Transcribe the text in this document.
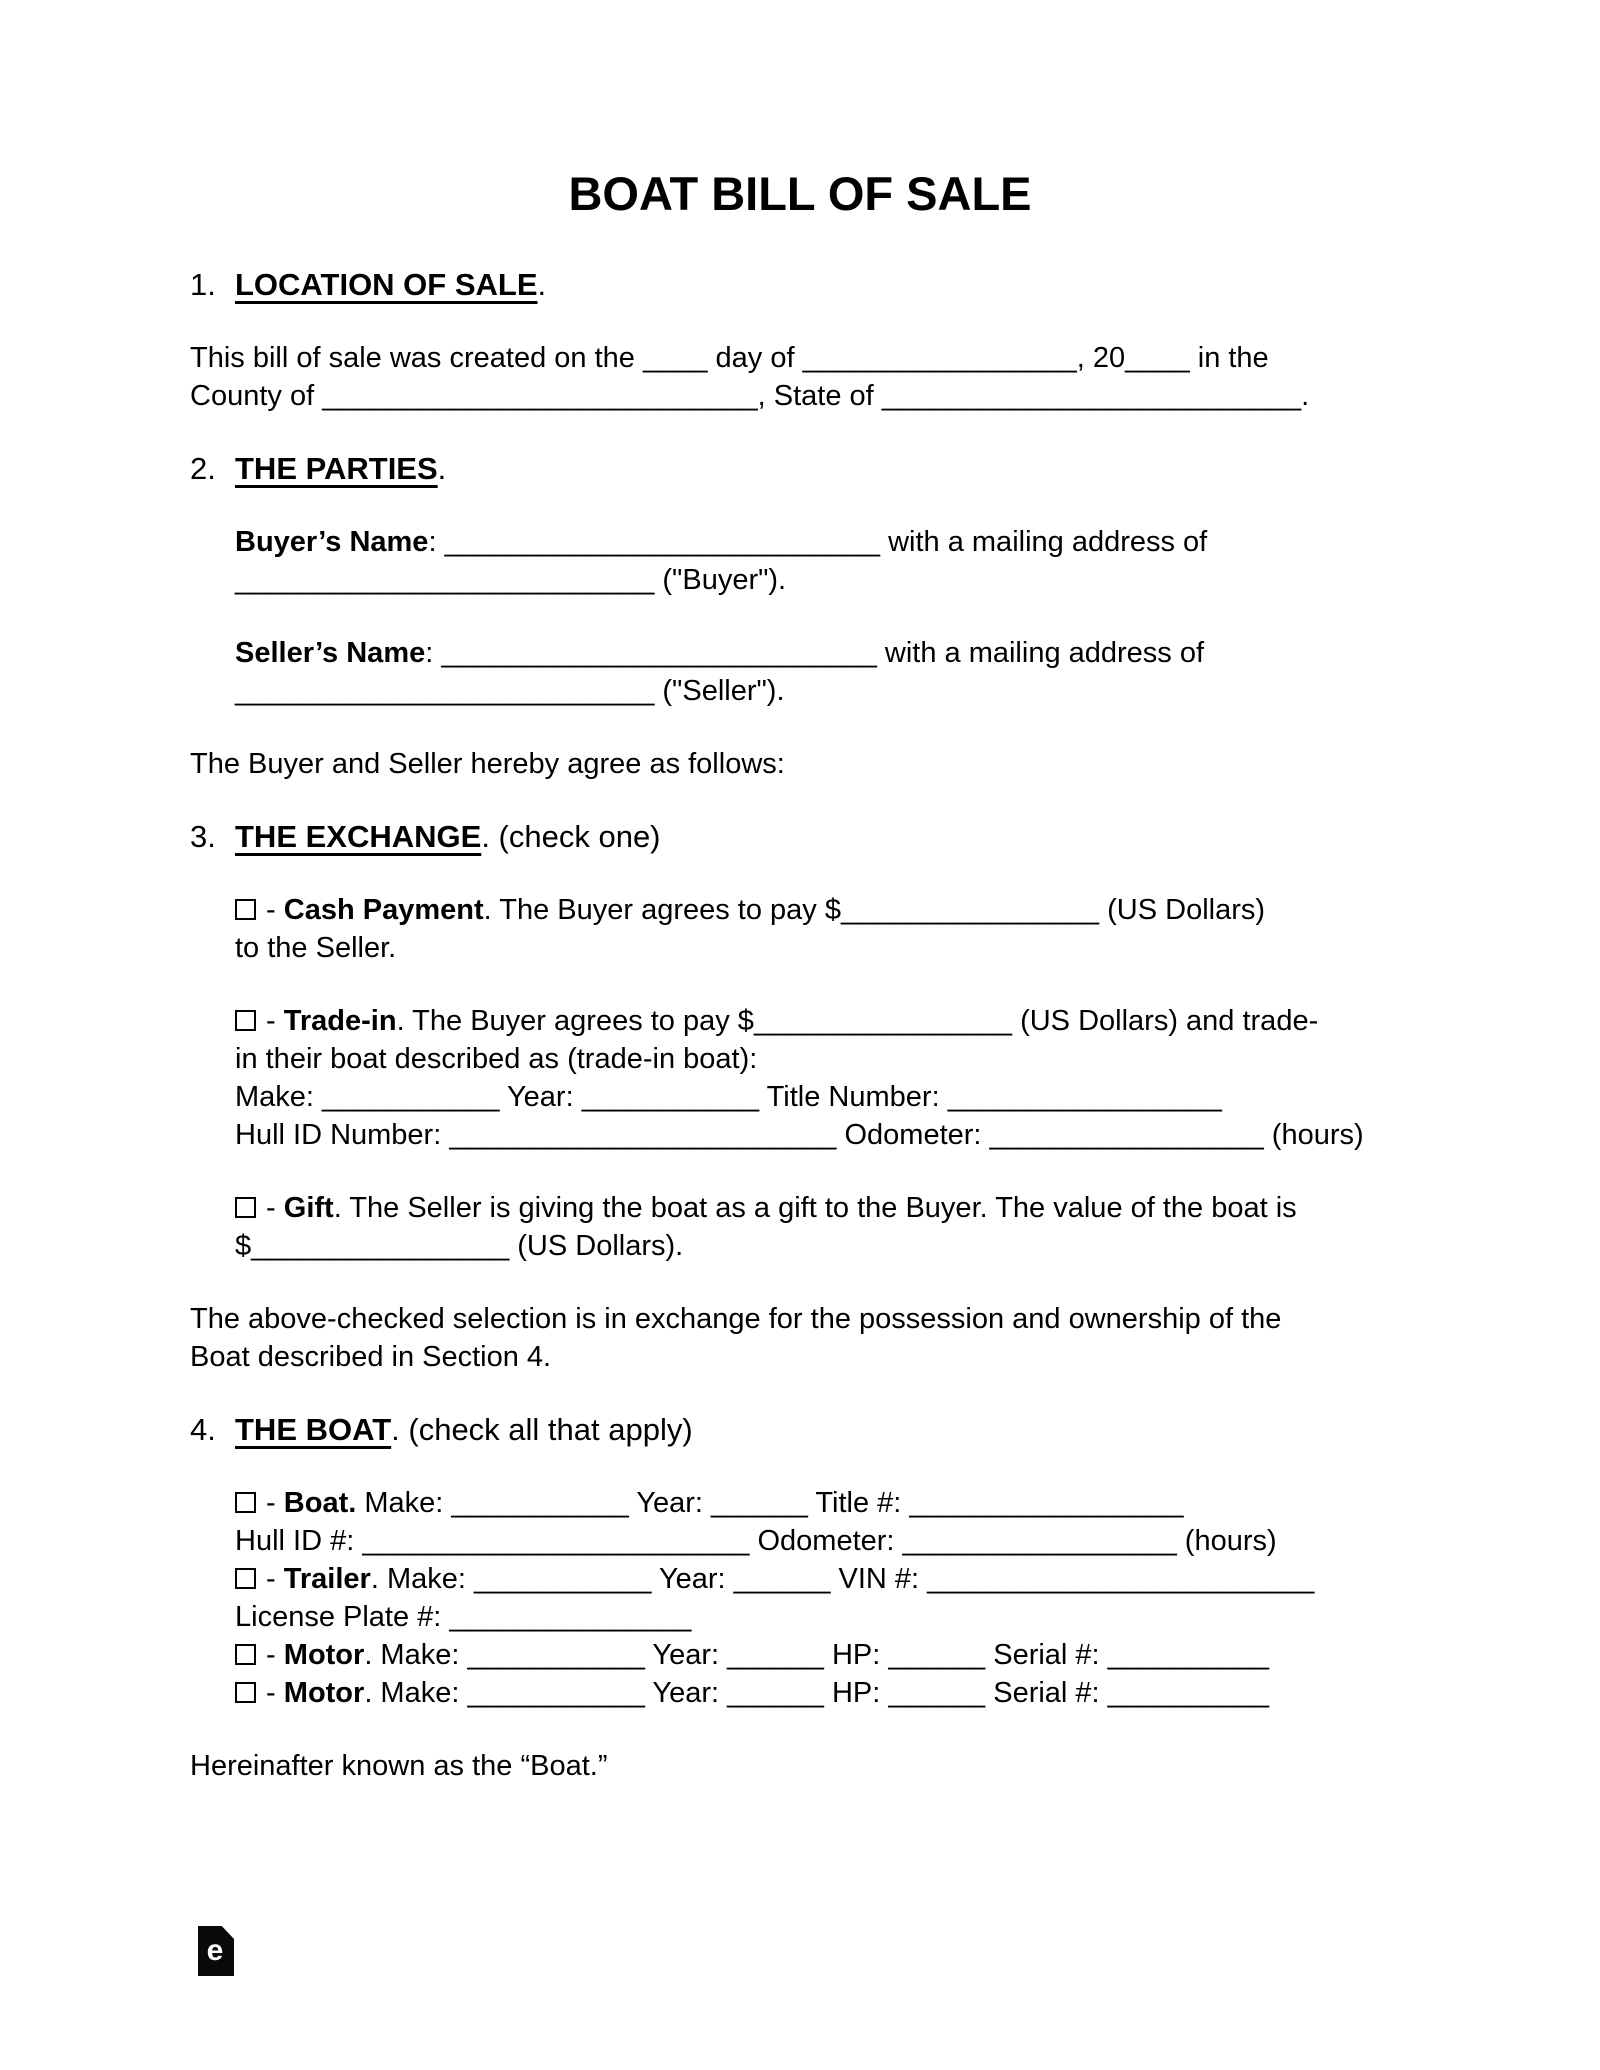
BOAT BILL OF SALE
1. LOCATION OF SALE.
This bill of sale was created on the ____ day of _________________, 20____ in the
County of ___________________________, State of __________________________.
2. THE PARTIES.
Buyer’s Name: ___________________________ with a mailing address of
__________________________ ("Buyer").
Seller’s Name: ___________________________ with a mailing address of
__________________________ ("Seller").
The Buyer and Seller hereby agree as follows:
3. THE EXCHANGE. (check one)
- Cash Payment. The Buyer agrees to pay $________________ (US Dollars)
to the Seller.
- Trade-in. The Buyer agrees to pay $________________ (US Dollars) and trade-
in their boat described as (trade-in boat):
Make: ___________ Year: ___________ Title Number: _________________
Hull ID Number: ________________________ Odometer: _________________ (hours)
- Gift. The Seller is giving the boat as a gift to the Buyer. The value of the boat is
$________________ (US Dollars).
The above-checked selection is in exchange for the possession and ownership of the
Boat described in Section 4.
4. THE BOAT. (check all that apply)
- Boat. Make: ___________ Year: ______ Title #: _________________
Hull ID #: ________________________ Odometer: _________________ (hours)
- Trailer. Make: ___________ Year: ______ VIN #: ________________________
License Plate #: _______________
- Motor. Make: ___________ Year: ______ HP: ______ Serial #: __________
- Motor. Make: ___________ Year: ______ HP: ______ Serial #: __________
Hereinafter known as the “Boat.”
e
